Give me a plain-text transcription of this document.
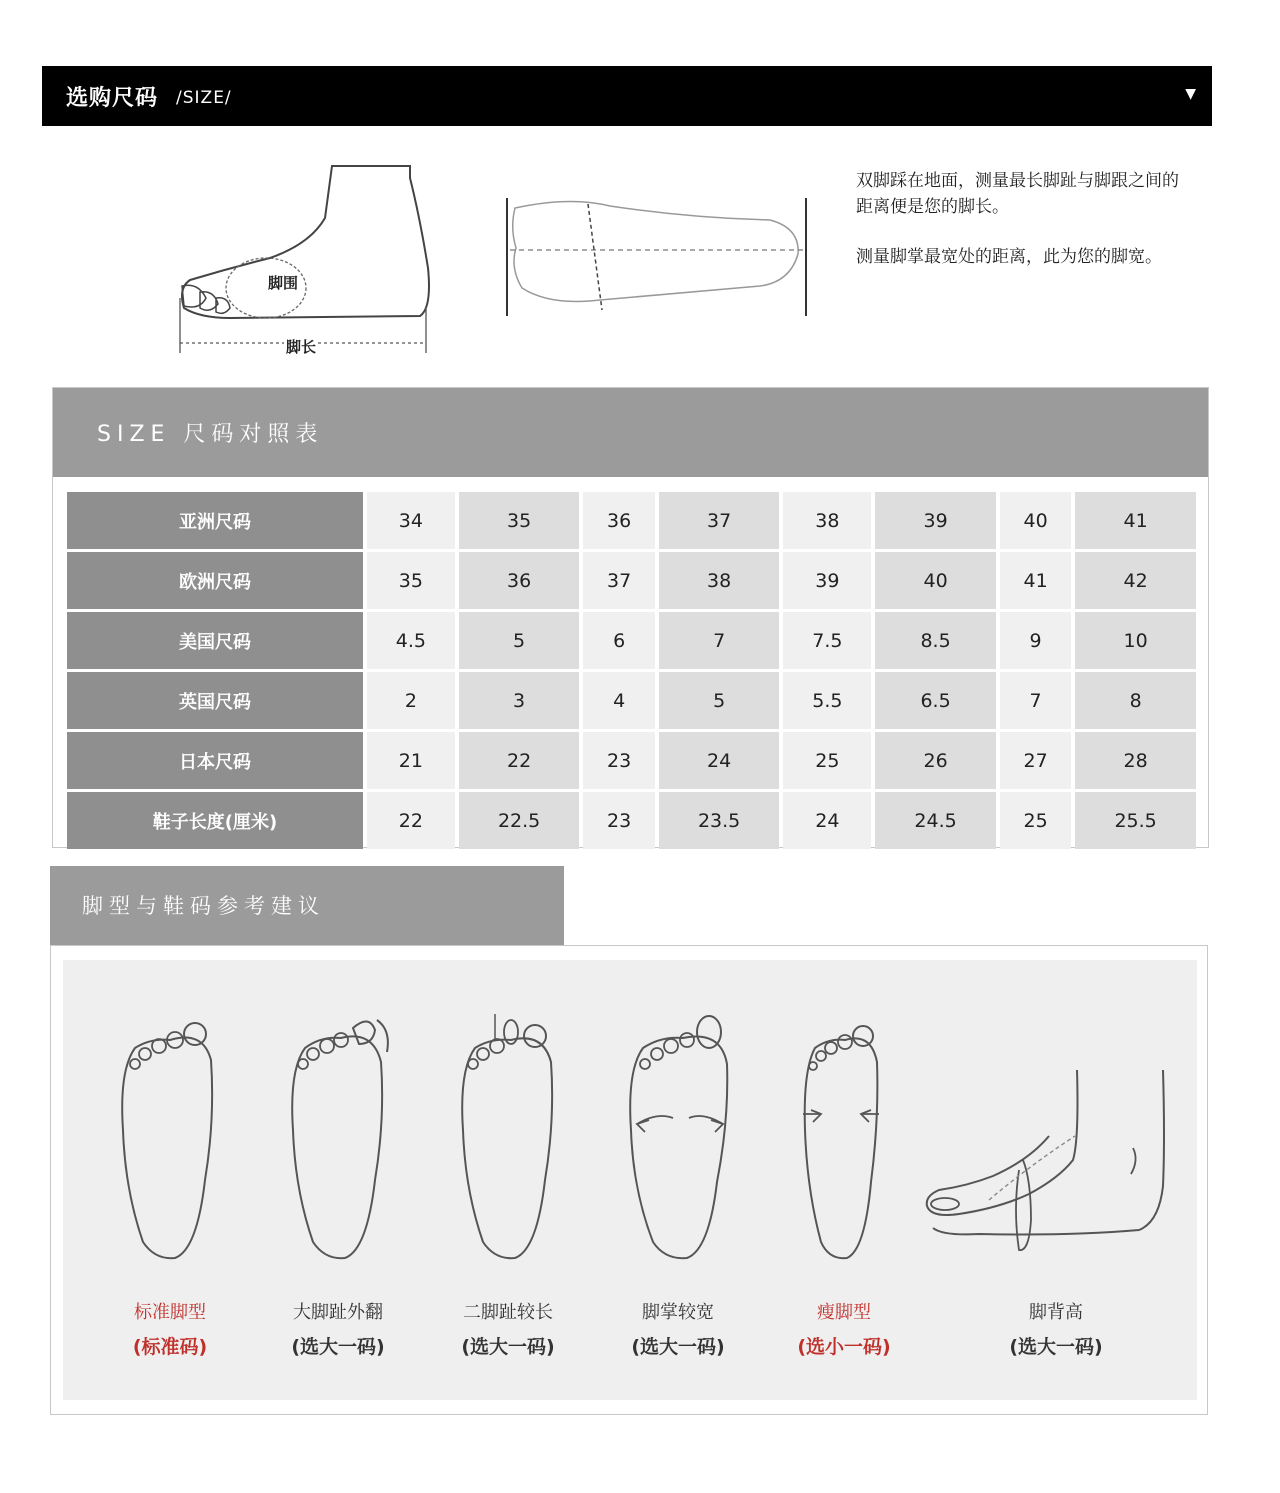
选购尺码 /SIZE/	▼
脚围
脚长

双脚踩在地面，测量最长脚趾与脚跟之间的距离便是您的脚长。

测量脚掌最宽处的距离，此为您的脚宽。

SIZE 尺码对照表
亚洲尺码	34	35	36	37	38	39	40	41
欧洲尺码	35	36	37	38	39	40	41	42
美国尺码	4.5	5	6	7	7.5	8.5	9	10
英国尺码	2	3	4	5	5.5	6.5	7	8
日本尺码	21	22	23	24	25	26	27	28
鞋子长度(厘米)	22	22.5	23	23.5	24	24.5	25	25.5
脚型与鞋码参考建议
标准脚型
(标准码)
大脚趾外翻
(选大一码)
二脚趾较长
(选大一码)
脚掌较宽
(选大一码)
瘦脚型
(选小一码)
脚背高
(选大一码)
